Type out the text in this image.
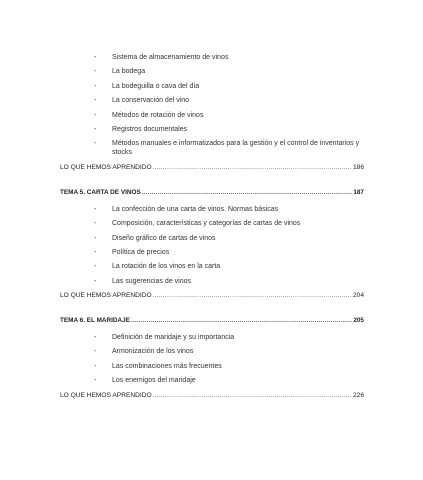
- Sistema de almacenamiento de vinos
- La bodega
- La bodeguilla o cava del día
- La conservación del vino
- Métodos de rotación de vinos
- Registros documentales
- Métodos manuales e informatizados para la gestión y el control de inventarios y stocks
LO QUE HEMOS APRENDIDO .....	186
TEMA 5. CARTA DE VINOS .....	187
- La confección de una carta de vinos. Normas básicas
- Composición, características y categorías de cartas de vinos
- Diseño gráfico de cartas de vinos
- Política de precios
- La rotación de los vinos en la carta
- Las sugerencias de vinos
LO QUE HEMOS APRENDIDO .....	204
TEMA 6. EL MARIDAJE .....	205
- Definición de maridaje y su importancia
- Armonización de los vinos
- Las combinaciones más frecuentes
- Los enemigos del maridaje
LO QUE HEMOS APRENDIDO .....	226
